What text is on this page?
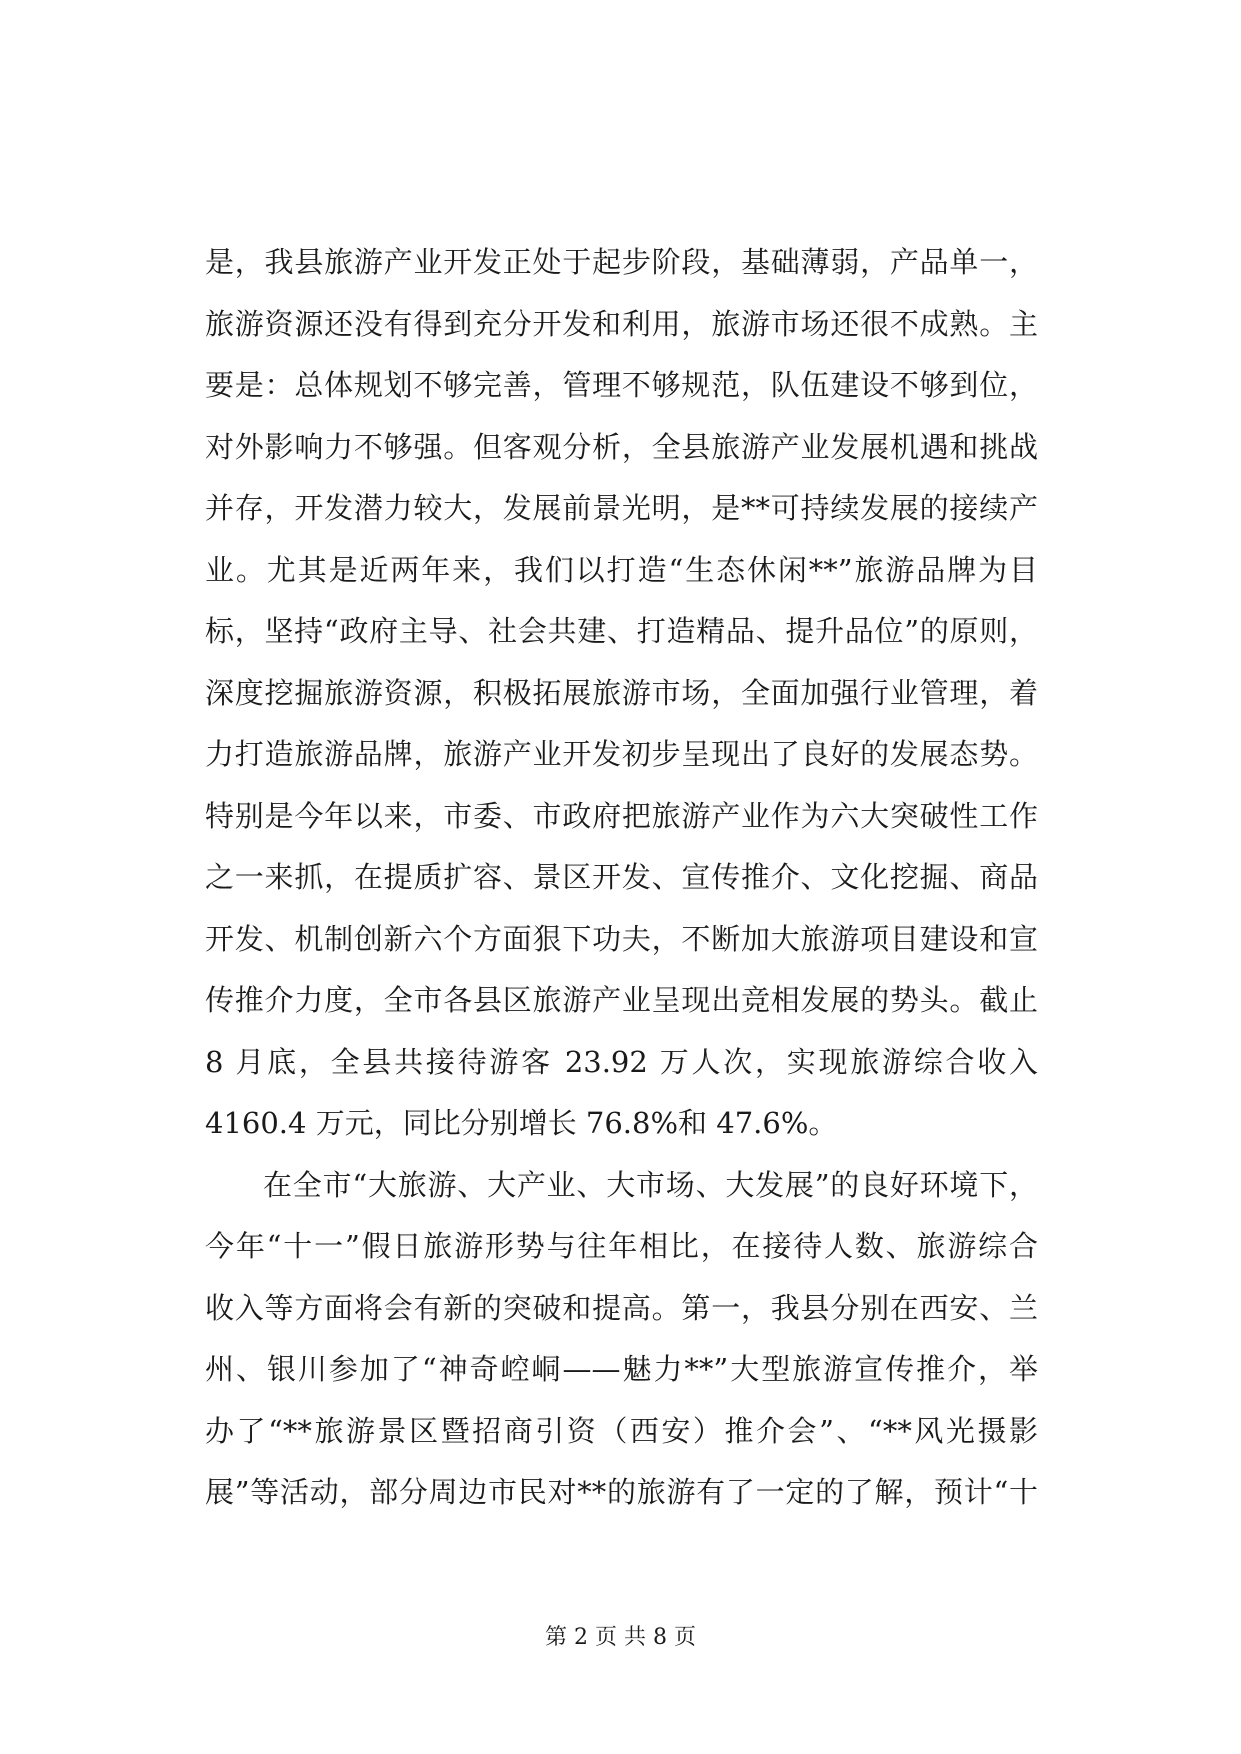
是，我县旅游产业开发正处于起步阶段，基础薄弱，产品单一，
旅游资源还没有得到充分开发和利用，旅游市场还很不成熟。主
要是：总体规划不够完善，管理不够规范，队伍建设不够到位，
对外影响力不够强。但客观分析，全县旅游产业发展机遇和挑战
并存，开发潜力较大，发展前景光明，是**可持续发展的接续产
业。尤其是近两年来，我们以打造“生态休闲**”旅游品牌为目
标，坚持“政府主导、社会共建、打造精品、提升品位”的原则，
深度挖掘旅游资源，积极拓展旅游市场，全面加强行业管理，着
力打造旅游品牌，旅游产业开发初步呈现出了良好的发展态势。
特别是今年以来，市委、市政府把旅游产业作为六大突破性工作
之一来抓，在提质扩容、景区开发、宣传推介、文化挖掘、商品
开发、机制创新六个方面狠下功夫，不断加大旅游项目建设和宣
传推介力度，全市各县区旅游产业呈现出竞相发展的势头。截止
8 月底，全县共接待游客 23.92 万人次，实现旅游综合收入
4160.4 万元，同比分别增长 76.8%和 47.6%。
在全市“大旅游、大产业、大市场、大发展”的良好环境下，
今年“十一”假日旅游形势与往年相比，在接待人数、旅游综合
收入等方面将会有新的突破和提高。第一，我县分别在西安、兰
州、银川参加了“神奇崆峒——魅力**”大型旅游宣传推介，举
办了“**旅游景区暨招商引资（西安）推介会”、“**风光摄影
展”等活动，部分周边市民对**的旅游有了一定的了解，预计“十
第 2 页 共 8 页
